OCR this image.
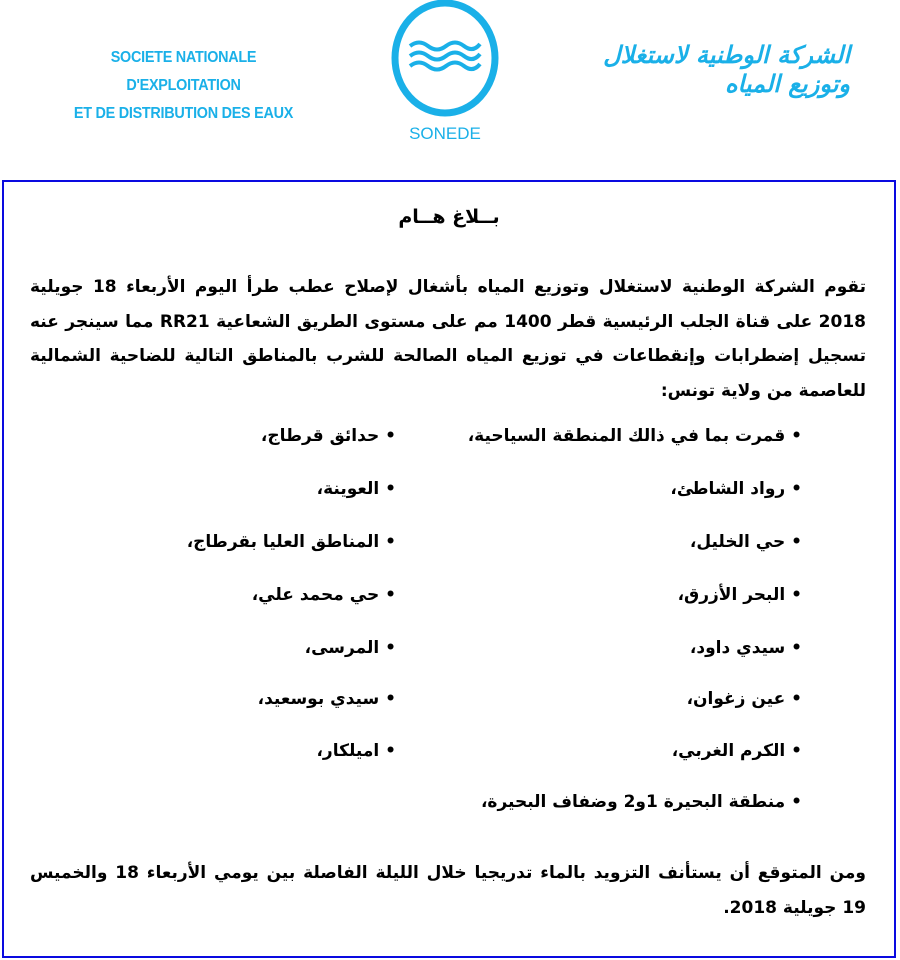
SOCIETE NATIONALE D'EXPLOITATION
ET DE DISTRIBUTION DES EAUX
SONEDE
الشركة الوطنية لاستغلال وتوزيع المياه
بــلاغ هــام
تقوم الشركة الوطنية لاستغلال وتوزيع المياه بأشغال لإصلاح عطب طرأ اليوم الأربعاء 18 جويلية 2018 على قناة الجلب الرئيسية قطر 1400 مم على مستوى الطريق الشعاعية RR21 مما سينجر عنه تسجيل إضطرابات وإنقطاعات في توزيع المياه الصالحة للشرب بالمناطق التالية للضاحية الشمالية للعاصمة من ولاية تونس:
• قمرت بما في ذالك المنطقة السياحية،
• رواد الشاطئ،
• حي الخليل،
• البحر الأزرق،
• سيدي داود،
• عين زغوان،
• الكرم الغربي،
• منطقة البحيرة 1و2 وضفاف البحيرة،
• حدائق قرطاج،
• العوينة،
• المناطق العليا بقرطاج،
• حي محمد علي،
• المرسى،
• سيدي بوسعيد،
• اميلكار،
ومن المتوقع أن يستأنف التزويد بالماء تدريجيا خلال الليلة الفاصلة بين يومي الأربعاء 18 والخميس 19 جويلية 2018.
